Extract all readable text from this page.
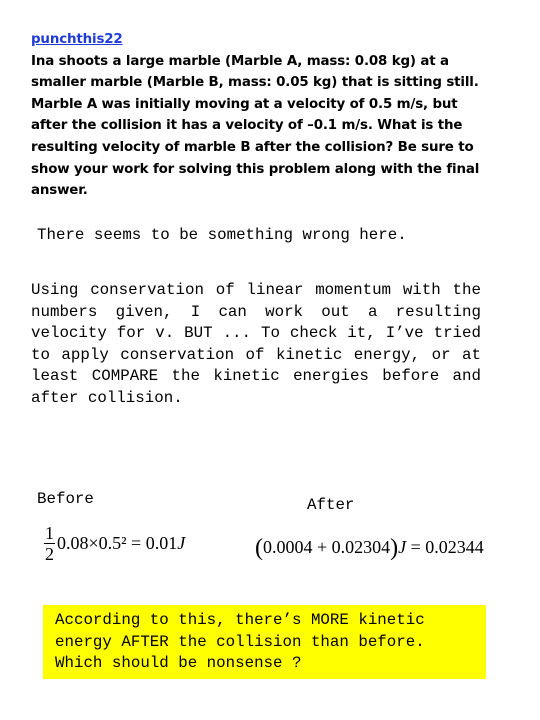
punchthis22
Ina shoots a large marble (Marble A, mass: 0.08 kg) at a smaller marble (Marble B, mass: 0.05 kg) that is sitting still. Marble A was initially moving at a velocity of 0.5 m/s, but after the collision it has a velocity of –0.1 m/s. What is the resulting velocity of marble B after the collision? Be sure to show your work for solving this problem along with the final answer.
There seems to be something wrong here.
Using conservation of linear momentum with the numbers given, I can work out a resulting velocity for v. BUT ... To check it, I’ve tried to apply conservation of kinetic energy, or at least COMPARE the kinetic energies before and after collision.
Before	After
$\frac{1}{2} 0.08\times 0.5^2 = 0.01J$	(0.0004 + 0.02304)J = 0.02344
According to this, there’s MORE kinetic
energy AFTER the collision than before.
Which should be nonsense ?
